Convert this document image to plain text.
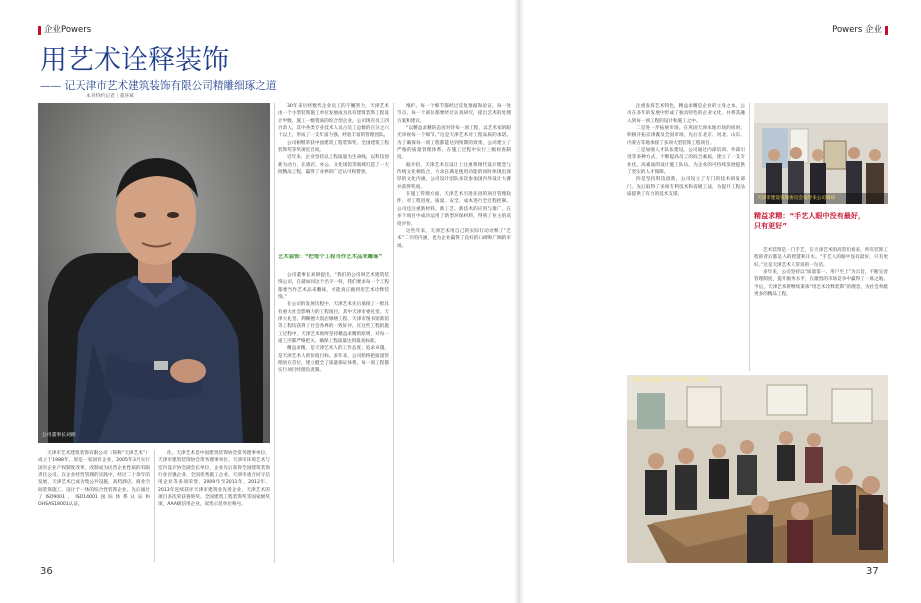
企业Powers	Powers 企业
用艺术诠释装饰
—— 记天津市艺术建筑装饰有限公司精雕细琢之道
本刊特约记者｜董喜斌
公司董事长刘朗

天津市艺术建筑装饰有限公司（简称“天津艺术”）成立于1988年，原是一家国有企业，2005年3月实行国有企业产权制度改革，改制成为民营企业性质的有限责任公司。在企业经营管理的实践中，经过二十余年的发展，天津艺术已成为集公共设施、高档酒店、商业空间装饰施工、设计于一体的综合性装饰企业。先后通过了ISO9001、ISO14001国际体系认证和OHSAS18001认证。

住。天津艺术是中国建筑装饰协会常务理事单位、天津市建筑装饰协会常务理事单位、天津市环境艺术与室内设计协会副会长单位，企业先后获得全国建筑装饰行业百强企业、全国优秀施工企业、天津市重合同守信用企业等多项荣誉。2009年至2011年、2012年、2013年连续获评天津市建筑业先进企业。天津艺术的项目多次荣获鲁班奖、全国建筑工程装饰奖等国家级奖项，AAA级信用企业，双优示范单位称号。

30年来历经数代企业员工的不懈努力，天津艺术由一个小型装饰施工单位发展成为具有建筑装饰工程设计甲级、施工一级资质的综合型企业。公司现有员工四百余人，其中各类专业技术人员占员工总数的百分之六十以上，形成了一支年富力强、经验丰富的管理团队。

公司相继荣获中国建筑工程装饰奖、全国建筑工程装饰奖等奖项近百项。

近年来，企业坚持以工程质量为生命线，以科技创新为动力，在酒店、办公、文化场馆等领域打造了一大批精品工程，赢得了业界的广泛认可和赞誉。

艺术装饰：“把每个工程当作艺术品来雕琢”

公司董事长刘朗提出，“我们的公司叫艺术建筑装饰公司，在就如同这个名字一样，我们要求每一个工程都要当作艺术品来雕琢，才能真正做到用艺术诠释装饰。”

在公司的发展历程中，天津艺术先后承接了一批具有重大社会影响力的工程项目，其中天津市委礼堂、天津大礼堂、利顺德大饭店修缮工程、天津市图书馆新馆等工程均获得了社会各界的一致好评。在这些工程的施工过程中，天津艺术始终坚持精益求精的原则，对每一道工序都严格把关，确保工程质量达到最高标准。

精益求精，是天津艺术人的工作态度；追求卓越，是天津艺术人的价值目标。多年来，公司始终把质量管理放在首位，建立健全了质量保证体系，每一项工程都实行项目经理负责制。

维护。每一个细节都经过反复推敲和论证，每一处节点、每一个部位都要经过认真研究，提出艺术的处理方案和建议。

“以精益求精的态度对待每一项工程，以艺术家的眼光审视每一个细节。”这是天津艺术对工程品质的承诺。为了确保每一项工程都能达到预期的效果，公司建立了严格的质量管理体系，在施工过程中实行三级检查制度。

据介绍，天津艺术在设计上注重将现代设计理念与传统文化相结合，力求在满足使用功能的同时体现出深厚的文化内涵。公司设计团队多次参加国内外设计大赛并获得奖项。

在施工管理方面，天津艺术引进先进的项目管理软件，对工程进度、质量、安全、成本进行全过程控制。公司还注重新材料、新工艺、新技术的应用与推广，在多个项目中成功运用了新型环保材料，得到了业主的高度评价。

这些年来，天津艺术用自己的实际行动诠释了“艺术”二字的内涵，也为企业赢得了良好的口碑和广阔的市场。

注重发挥艺术特色，精益求精是企业的立身之本。公司在多年的发展中形成了独具特色的企业文化，并将其融入到每一项工程的设计和施工之中。

二是进一步拓展市场。在巩固天津本地市场的同时，积极开拓京津冀及全国市场，先后在北京、河北、山东、内蒙古等地承接了多项大型装饰工程项目。

三是加强人才队伍建设。公司通过内部培训、外部引进等多种方式，不断提高员工的综合素质，建立了一支专业化、高素质的设计施工队伍，为企业的可持续发展提供了坚实的人才保障。

四是坚持科技创新。公司设立了专门的技术研发部门，先后取得了多项专利技术和省级工法，为提升工程品质提供了有力的技术支撑。

天津市建设管理委员会领导来公司调研
精益求精：“手艺人眼中没有最好，
只有更好”

艺术装饰是一门手艺，在天津艺术的高管们看来，所有装饰工程的背后都是人的智慧和汗水。“手艺人的眼中没有最好，只有更好。”这是天津艺术人常说的一句话。

多年来，公司坚持以“质量第一、用户至上”为宗旨，不断完善管理制度，提升服务水平，在激烈的市场竞争中赢得了一席之地。今后，天津艺术将继续秉承“用艺术诠释装饰”的理念，为社会奉献更多的精品工程。

天津艺术建筑公司召开年度工作例会
36	37
